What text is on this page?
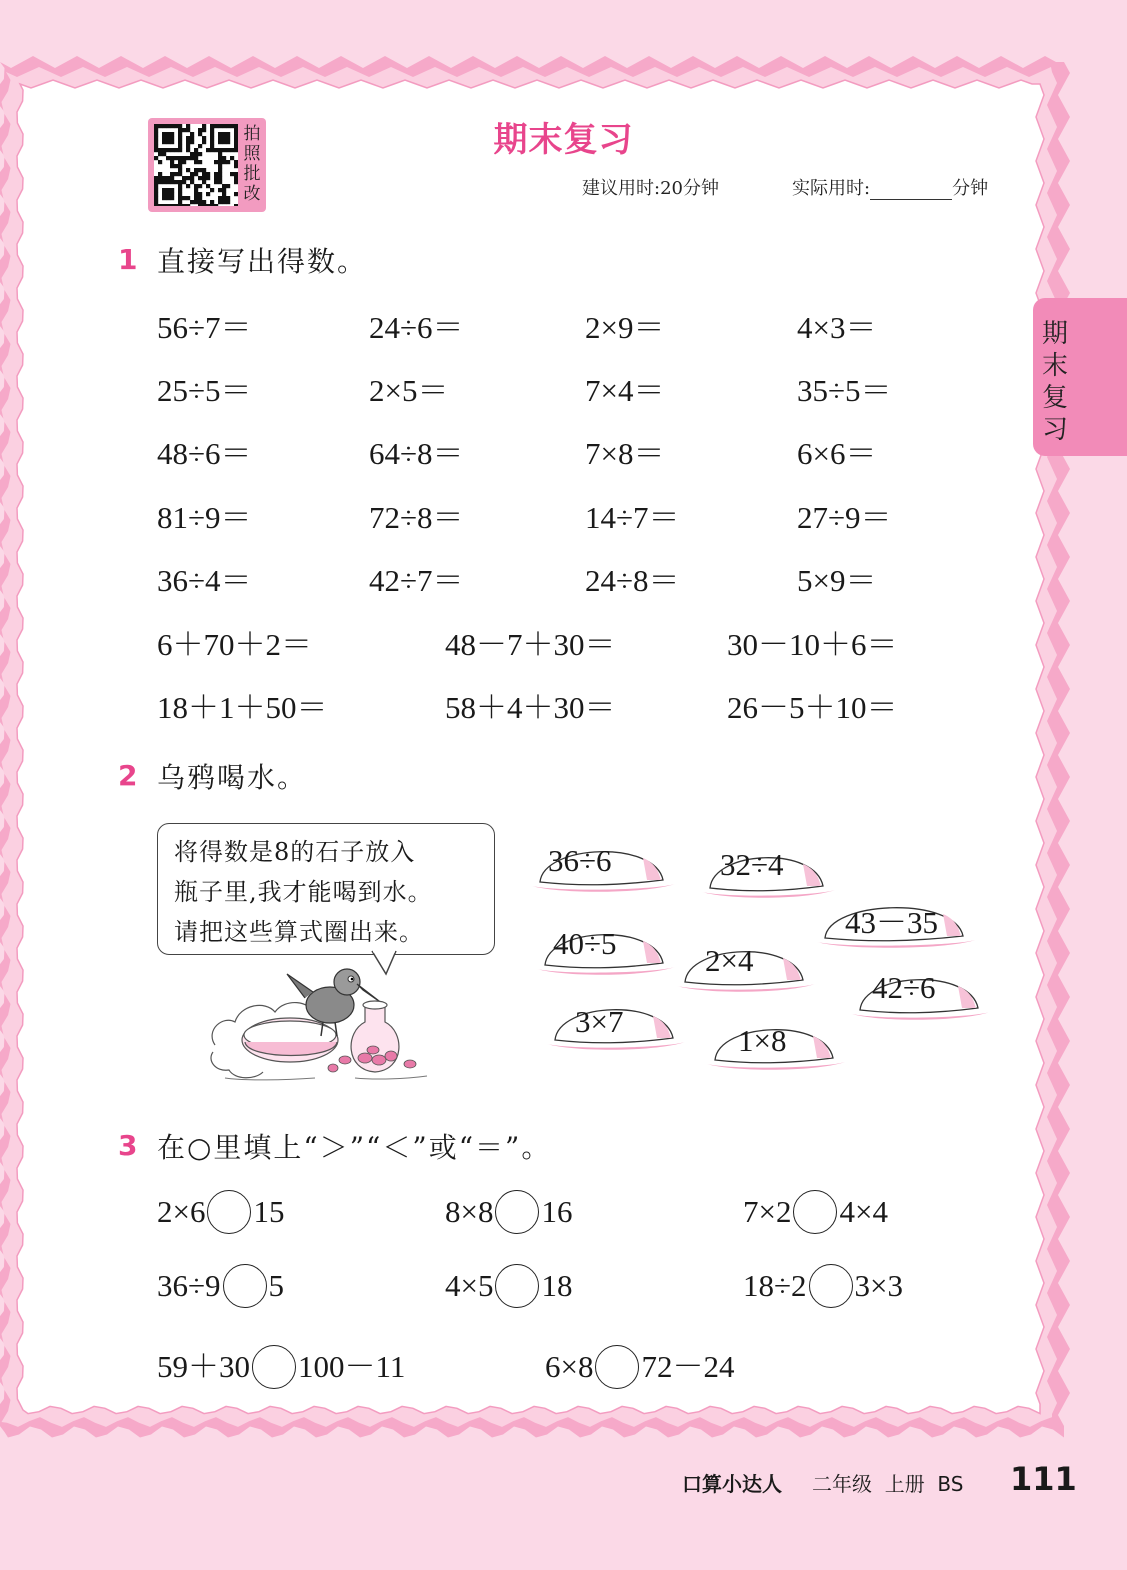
拍
照
批
改
期末复习
建议用时:20分钟	实际用时:	分钟
期
末
复
习
1 直接写出得数。
56÷7＝	24÷6＝	2×9＝	4×3＝
25÷5＝	2×5＝	7×4＝	35÷5＝
48÷6＝	64÷8＝	7×8＝	6×6＝
81÷9＝	72÷8＝	14÷7＝	27÷9＝
36÷4＝	42÷7＝	24÷8＝	5×9＝
6＋70＋2＝	48－7＋30＝	30－10＋6＝
18＋1＋50＝	58＋4＋30＝	26－5＋10＝
2 乌鸦喝水。
将得数是8的石子放入
瓶子里,我才能喝到水。
请把这些算式圈出来。
36÷6	32÷4
43－35
40÷5	2×4
42÷6
3×7
1×8
3 在○里填上“＞”“＜”或“＝”。
2×6 15	8×8 16	7×2 4×4
36÷9 5	4×5 18	18÷2 3×3
59＋30 100－11	6×8 72－24
口算小达人 二年级  上册  BS 111
